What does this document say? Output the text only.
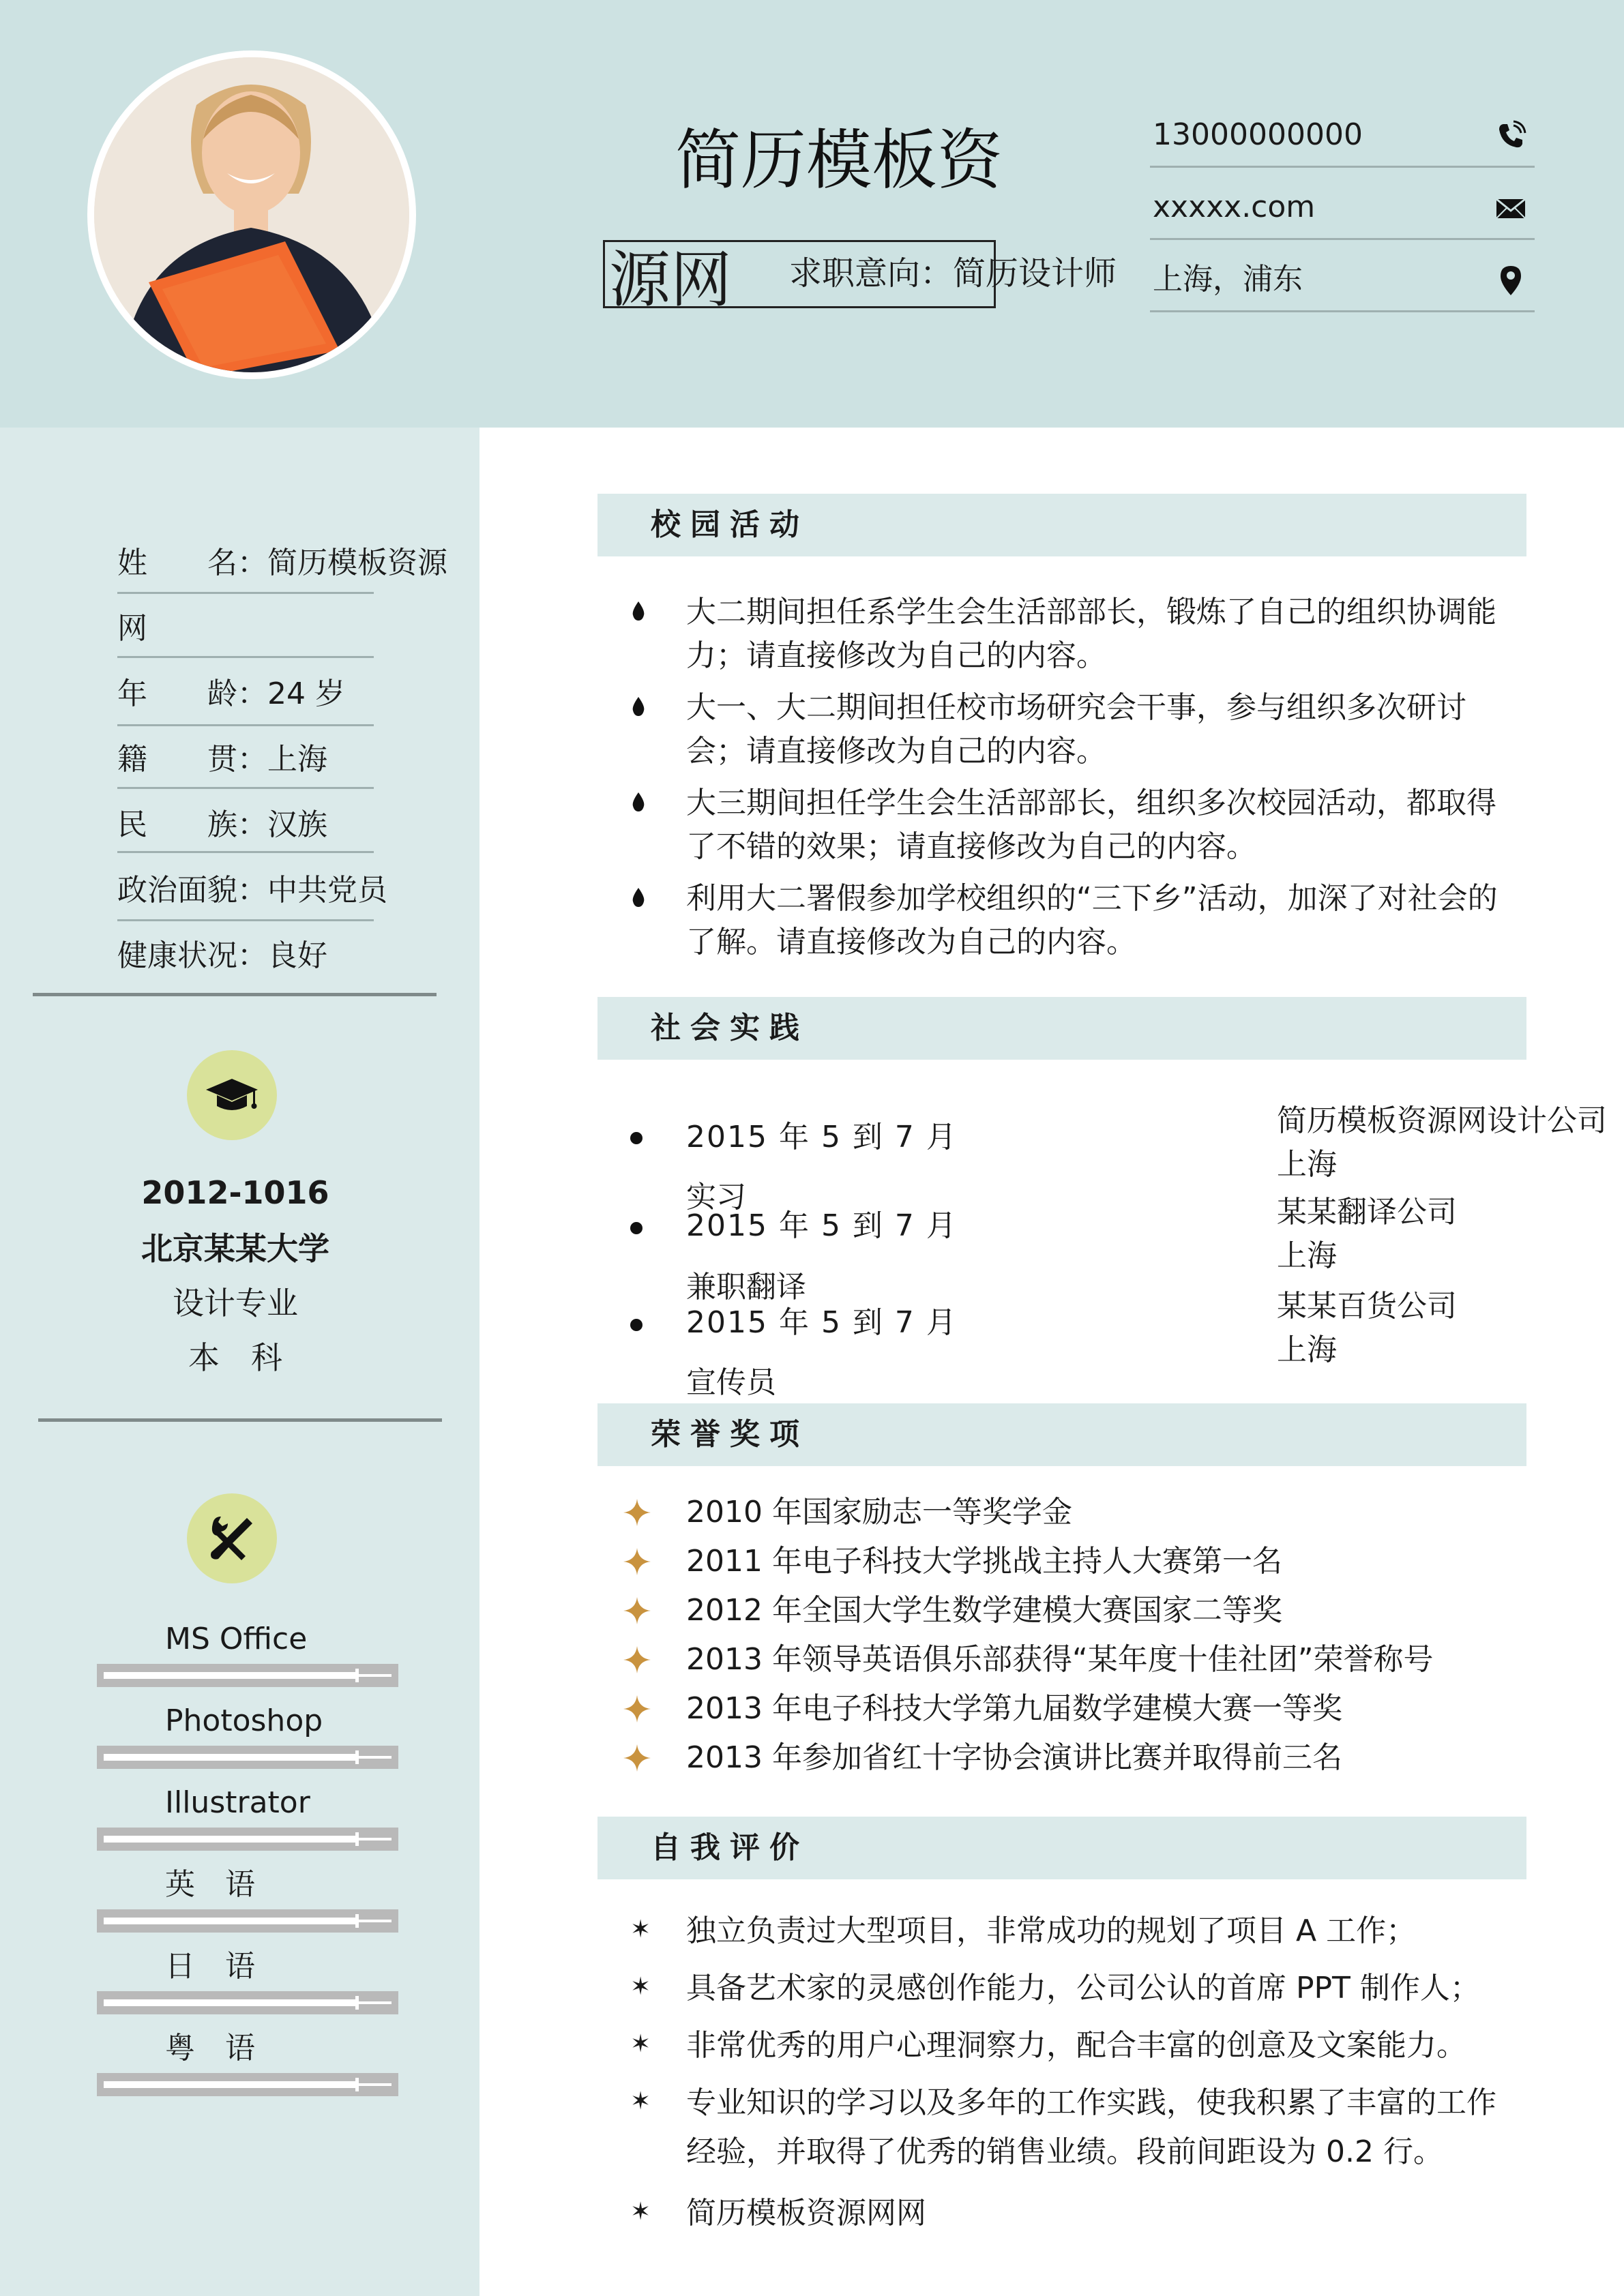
简历模板资
求职意向：简历设计师
源网
13000000000
xxxxx.com
上海，浦东
姓　　名：简历模板资源
网
年　　龄：24 岁
籍　　贯：上海
民　　族：汉族
政治面貌：中共党员
健康状况：良好
2012-1016
北京某某大学
设计专业
本　科
MS Office
Photoshop
Illustrator
英　语
日　语
粤　语
校园活动
大二期间担任系学生会生活部部长，锻炼了自己的组织协调能力；请直接修改为自己的内容。
大一、大二期间担任校市场研究会干事，参与组织多次研讨会；请直接修改为自己的内容。
大三期间担任学生会生活部部长，组织多次校园活动，都取得了不错的效果；请直接修改为自己的内容。
利用大二署假参加学校组织的“三下乡”活动，加深了对社会的了解。请直接修改为自己的内容。
社会实践
2015 年 5 到 7 月
实习
简历模板资源网设计公司
上海
2015 年 5 到 7 月
兼职翻译
某某翻译公司
上海
2015 年 5 到 7 月
宣传员
某某百货公司
上海
荣誉奖项
2010 年国家励志一等奖学金
2011 年电子科技大学挑战主持人大赛第一名
2012 年全国大学生数学建模大赛国家二等奖
2013 年领导英语俱乐部获得“某年度十佳社团”荣誉称号
2013 年电子科技大学第九届数学建模大赛一等奖
2013 年参加省红十字协会演讲比赛并取得前三名
自我评价
✶ 独立负责过大型项目，非常成功的规划了项目 A 工作；
✶ 具备艺术家的灵感创作能力，公司公认的首席 PPT 制作人；
✶ 非常优秀的用户心理洞察力，配合丰富的创意及文案能力。
✶ 专业知识的学习以及多年的工作实践，使我积累了丰富的工作经验，并取得了优秀的销售业绩。段前间距设为 0.2 行。
✶ 简历模板资源网网
